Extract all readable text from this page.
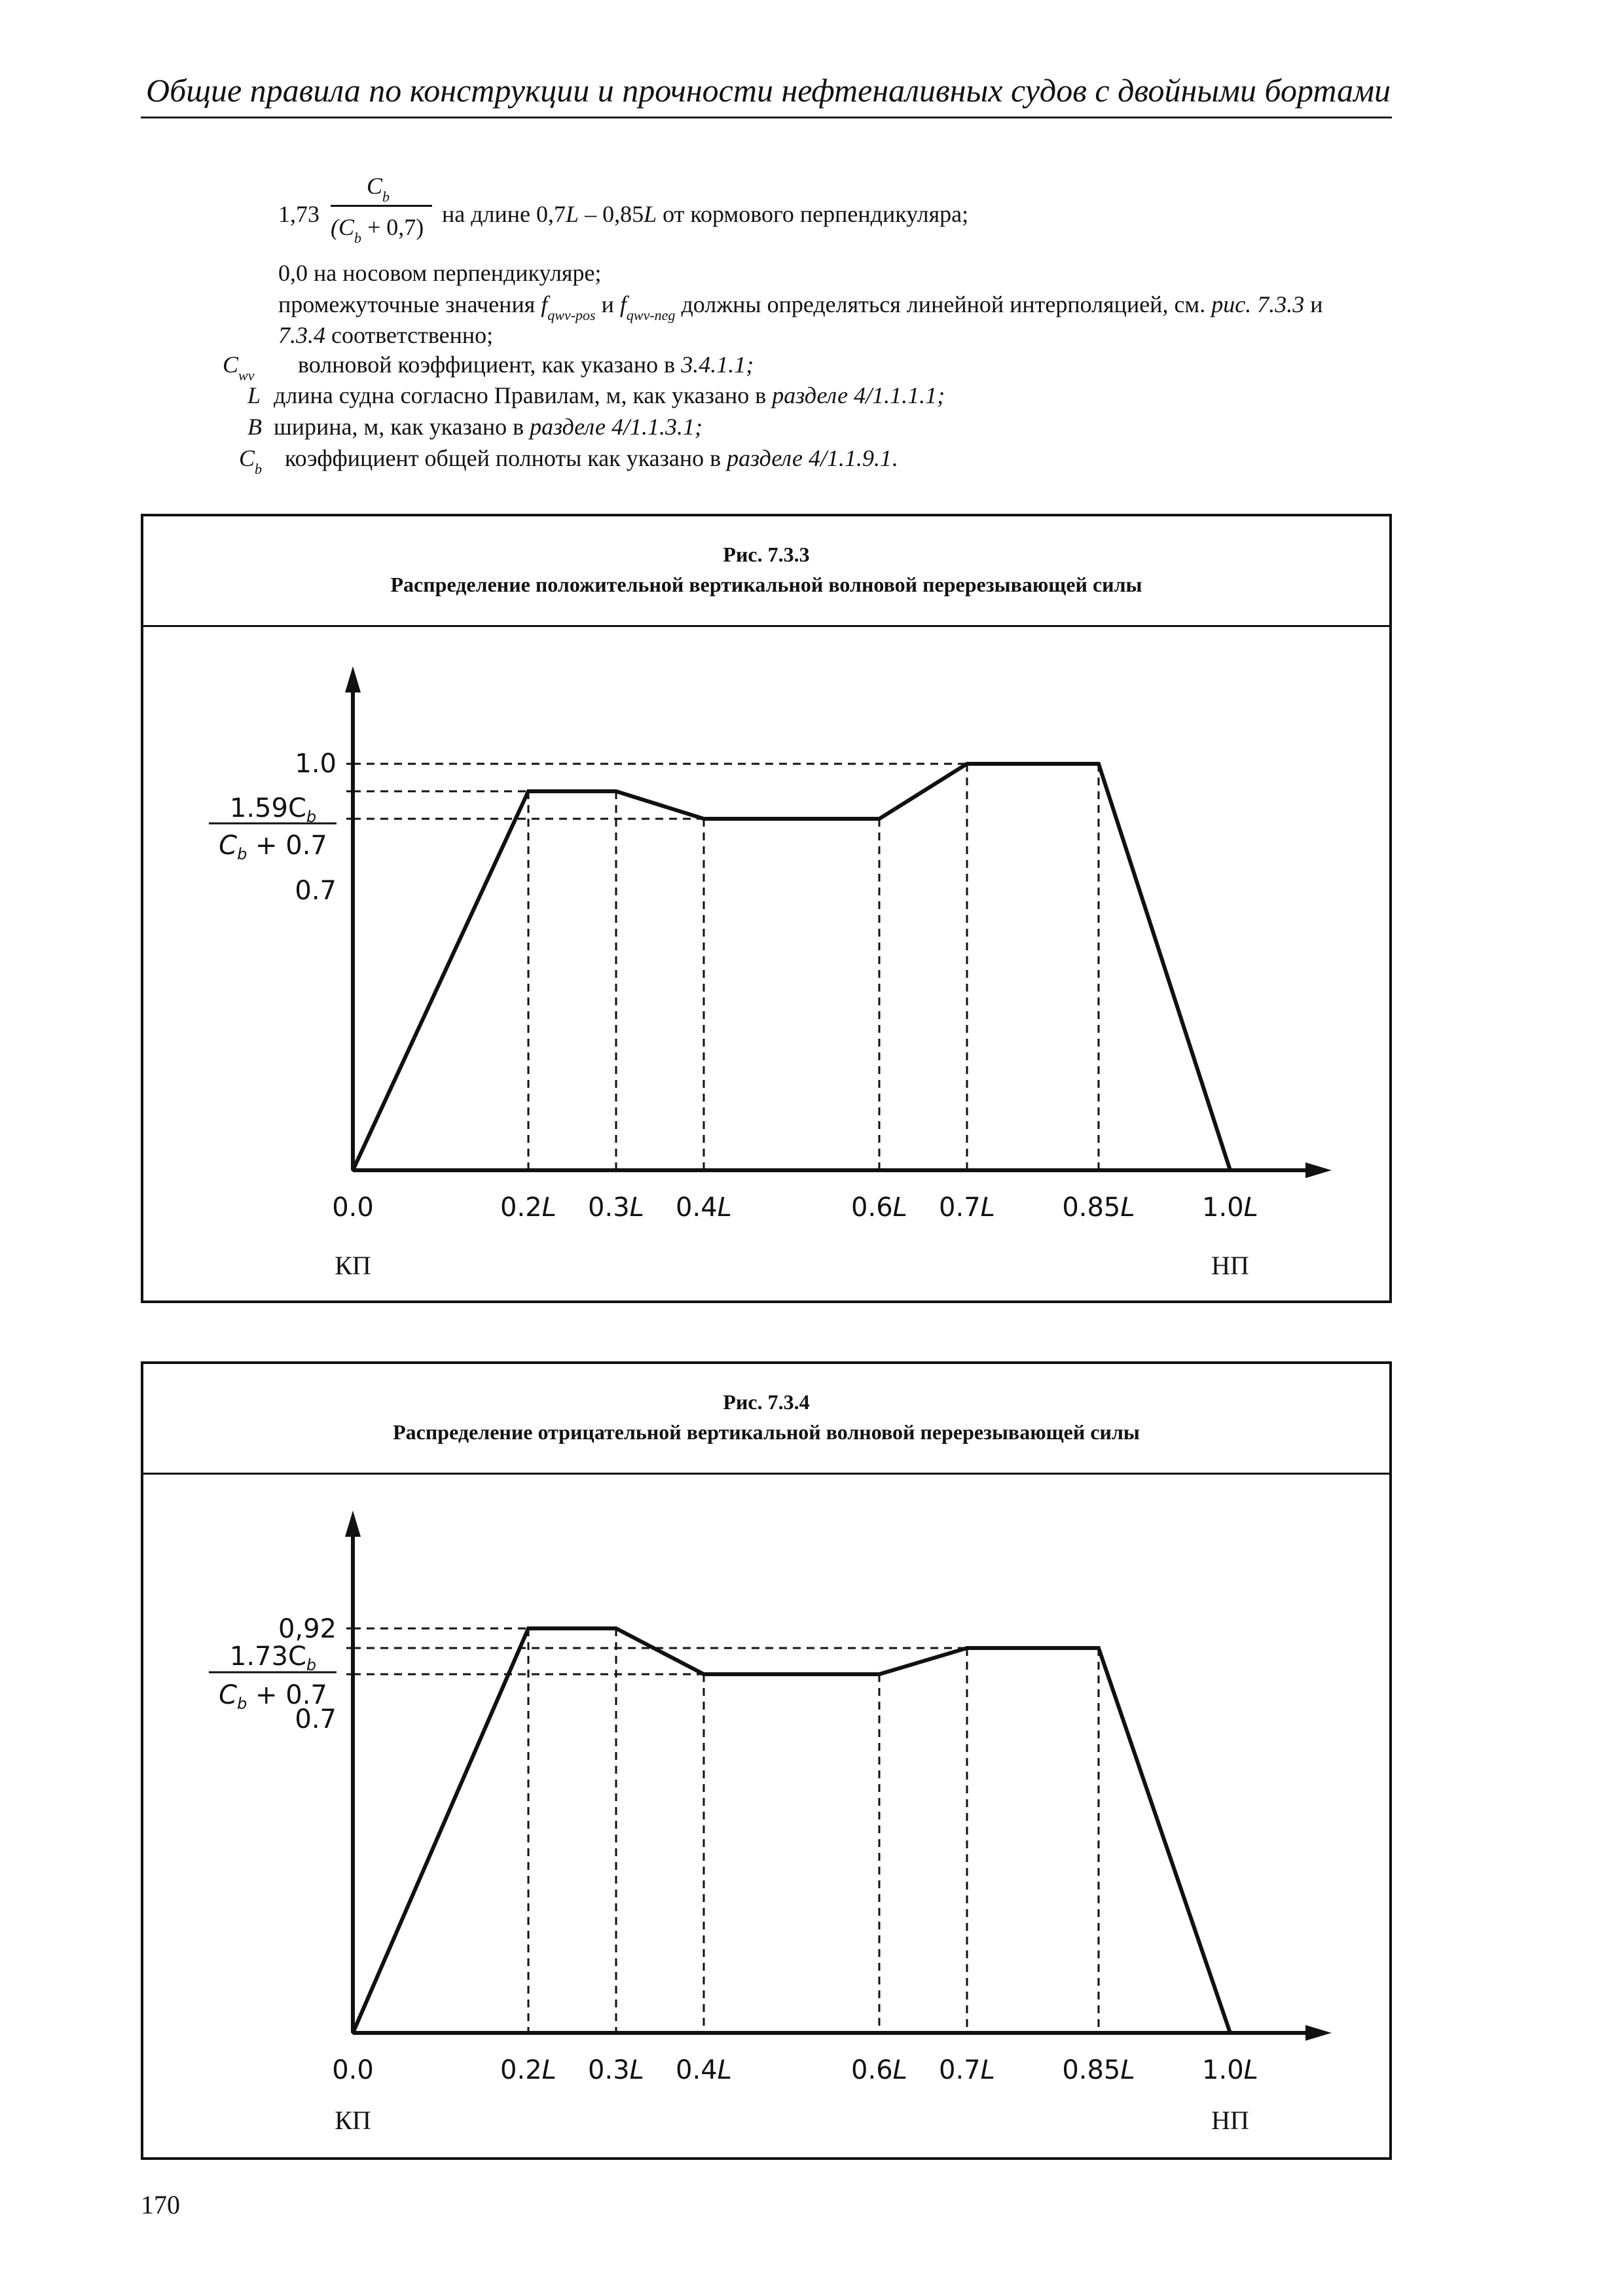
Общие правила по конструкции и прочности нефтеналивных судов с двойными бортами
1,73
$C_b$
$(C_b + 0,7)$ на длине 0,7L – 0,85L от кормового перпендикуляра;
0,0 на носовом перпендикуляре;
промежуточные значения $f_{qwv-pos}$ и $f_{qwv-neg}$ должны определяться линейной интерполяцией, см. рис. 7.3.3 и
7.3.4 соответственно;
$C_{wv}$ волновой коэффициент, как указано в 3.4.1.1;
L длина судна согласно Правилам, м, как указано в разделе 4/1.1.1.1;
B ширина, м, как указано в разделе 4/1.1.3.1;
$C_b$ коэффициент общей полноты как указано в разделе 4/1.1.9.1.
Рис. 7.3.3
Распределение положительной вертикальной волновой перерезывающей силы
1.0
$1.59C_b$
$C_b + 0.7$
0.7
КП	НП
0.0	0.2L 0.3L 0.4L	0.6L 0.7L	0.85L	1.0L
Рис. 7.3.4
Распределение отрицательной вертикальной волновой перерезывающей силы
0,92
$1.73C_b$
$C_b + 0.7$
0.7
КП	НП
0.0	0.2L 0.3L 0.4L	0.6L 0.7L	0.85L	1.0L
170
